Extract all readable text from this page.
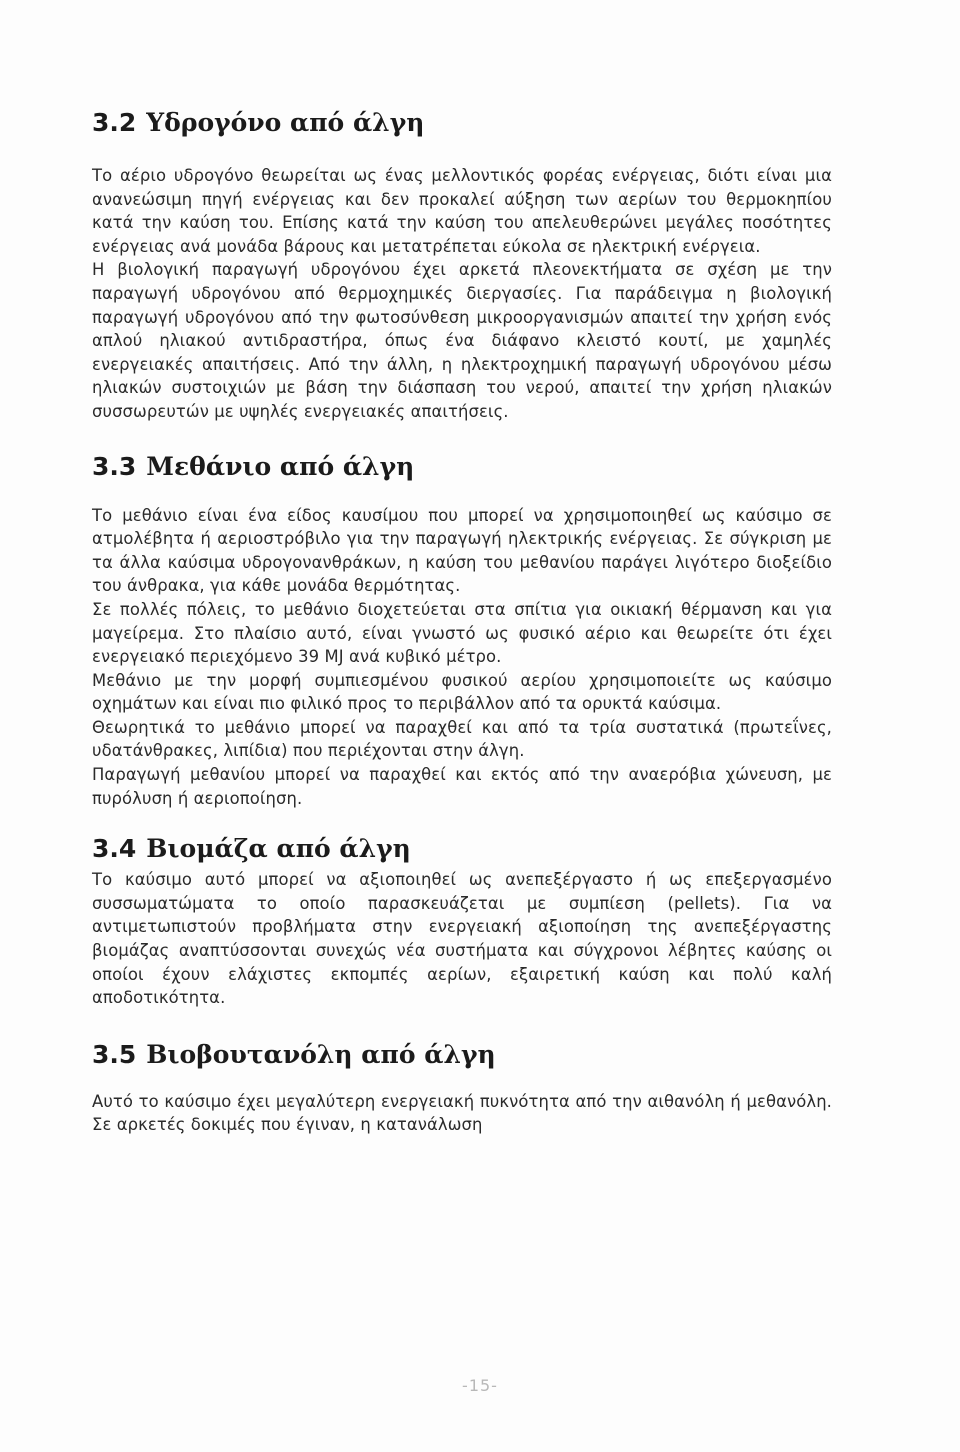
3.2 Υδρογόνο από άλγη

Το αέριο υδρογόνο θεωρείται ως ένας μελλοντικός φορέας ενέργειας, διότι είναι μια ανανεώσιμη πηγή ενέργειας και δεν προκαλεί αύξηση των αερίων του θερμοκηπίου κατά την καύση του. Επίσης κατά την καύση του απελευθερώνει μεγάλες ποσότητες ενέργειας ανά μονάδα βάρους και μετατρέπεται εύκολα σε ηλεκτρική ενέργεια.

Η βιολογική παραγωγή υδρογόνου έχει αρκετά πλεονεκτήματα σε σχέση με την παραγωγή υδρογόνου από θερμοχημικές διεργασίες. Για παράδειγμα η βιολογική παραγωγή υδρογόνου από την φωτοσύνθεση μικροοργανισμών απαιτεί την χρήση ενός απλού ηλιακού αντιδραστήρα, όπως ένα διάφανο κλειστό κουτί, με χαμηλές ενεργειακές απαιτήσεις. Από την άλλη, η ηλεκτροχημική παραγωγή υδρογόνου μέσω ηλιακών συστοιχιών με βάση την διάσπαση του νερού, απαιτεί την χρήση ηλιακών συσσωρευτών με υψηλές ενεργειακές απαιτήσεις.

3.3 Μεθάνιο από άλγη

Το μεθάνιο είναι ένα είδος καυσίμου που μπορεί να χρησιμοποιηθεί ως καύσιμο σε ατμολέβητα ή αεριοστρόβιλο για την παραγωγή ηλεκτρικής ενέργειας. Σε σύγκριση με τα άλλα καύσιμα υδρογονανθράκων, η καύση του μεθανίου παράγει λιγότερο διοξείδιο του άνθρακα, για κάθε μονάδα θερμότητας.

Σε πολλές πόλεις, το μεθάνιο διοχετεύεται στα σπίτια για οικιακή θέρμανση και για μαγείρεμα. Στο πλαίσιο αυτό, είναι γνωστό ως φυσικό αέριο και θεωρείτε ότι έχει ενεργειακό περιεχόμενο 39 MJ ανά κυβικό μέτρο.

Μεθάνιο με την μορφή συμπιεσμένου φυσικού αερίου χρησιμοποιείτε ως καύσιμο οχημάτων και είναι πιο φιλικό προς το περιβάλλον από τα ορυκτά καύσιμα.

Θεωρητικά το μεθάνιο μπορεί να παραχθεί και από τα τρία συστατικά (πρωτεΐνες, υδατάνθρακες, λιπίδια) που περιέχονται στην άλγη.

Παραγωγή μεθανίου μπορεί να παραχθεί και εκτός από την αναερόβια χώνευση, με πυρόλυση ή αεριοποίηση.

3.4 Βιομάζα από άλγη

Το καύσιμο αυτό μπορεί να αξιοποιηθεί ως ανεπεξέργαστο ή ως επεξεργασμένο συσσωματώματα το οποίο παρασκευάζεται με συμπίεση (pellets). Για να αντιμετωπιστούν προβλήματα στην ενεργειακή αξιοποίηση της ανεπεξέργαστης βιομάζας αναπτύσσονται συνεχώς νέα συστήματα και σύγχρονοι λέβητες καύσης οι οποίοι έχουν ελάχιστες εκπομπές αερίων, εξαιρετική καύση και πολύ καλή αποδοτικότητα.

3.5 Βιοβουτανόλη από άλγη

Αυτό το καύσιμο έχει μεγαλύτερη ενεργειακή πυκνότητα από την αιθανόλη ή μεθανόλη. Σε αρκετές δοκιμές που έγιναν, η κατανάλωση

-15-
